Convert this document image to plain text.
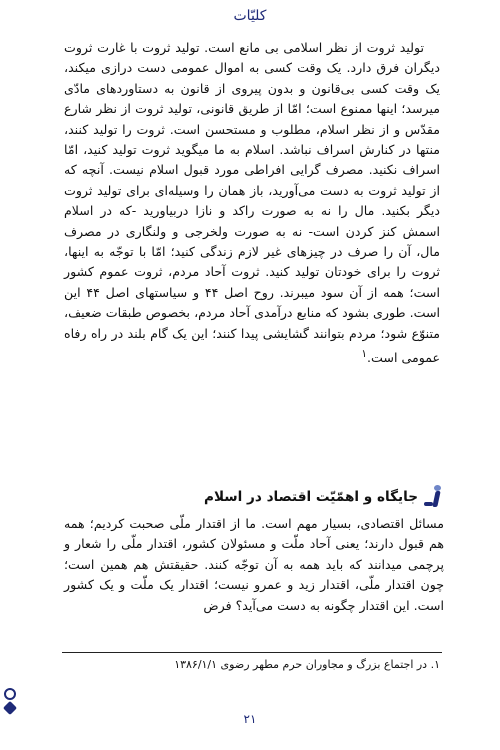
کلیّات

تولید ثروت از نظر اسلامی بی مانع است. تولید ثروت با غارت ثروت دیگران فرق دارد. یک وقت کسی به اموال عمومی دست درازی میکند، یک وقت کسی بی‌قانون و بدون پیروی از قانون به دستاوردهای مادّی میرسد؛ اینها ممنوع است؛ امّا از طریق قانونی، تولید ثروت از نظر شارع مقدّس و از نظر اسلام، مطلوب و مستحسن است. ثروت را تولید کنند، منتها در کنارش اسراف نباشد. اسلام به ما میگوید ثروت تولید کنید، امّا اسراف نکنید. مصرف گرایی افراطی مورد قبول اسلام نیست. آنچه که از تولید ثروت به دست می‌آورید، باز همان را وسیله‌ای برای تولید ثروت دیگر بکنید. مال را نه به صورت راکد و نازا دربیاورید -که در اسلام اسمش کنز کردن است- نه به صورت ولخرجی و ولنگاری در مصرف مال، آن را صرف در چیزهای غیر لازم زندگی کنید؛ امّا با توجّه به اینها، ثروت را برای خودتان تولید کنید. ثروت آحاد مردم، ثروت عموم کشور است؛ همه از آن سود میبرند. روح اصل ۴۴ و سیاستهای اصل ۴۴ این است. طوری بشود که منابع درآمدی آحاد مردم، بخصوص طبقات ضعیف، متنوّع شود؛ مردم بتوانند گشایشی پیدا کنند؛ این یک گام بلند در راه رفاه عمومی است.$^۱$

جایگاه و اهمّیّت اقتصاد در اسلام
مسائل اقتصادی، بسیار مهم است. ما از اقتدار ملّی صحبت کردیم؛ همه هم قبول دارند؛ یعنی آحاد ملّت و مسئولان کشور، اقتدار ملّی را شعار و پرچمی میدانند که باید همه به آن توجّه کنند. حقیقتش هم همین است؛ چون اقتدار ملّی، اقتدار زید و عمرو نیست؛ اقتدار یک ملّت و یک کشور است. این اقتدار چگونه به دست می‌آید؟ فرض
۱. در اجتماع بزرگ و مجاوران حرم مطهر رضوی ۱۳۸۶/۱/۱
۲۱
